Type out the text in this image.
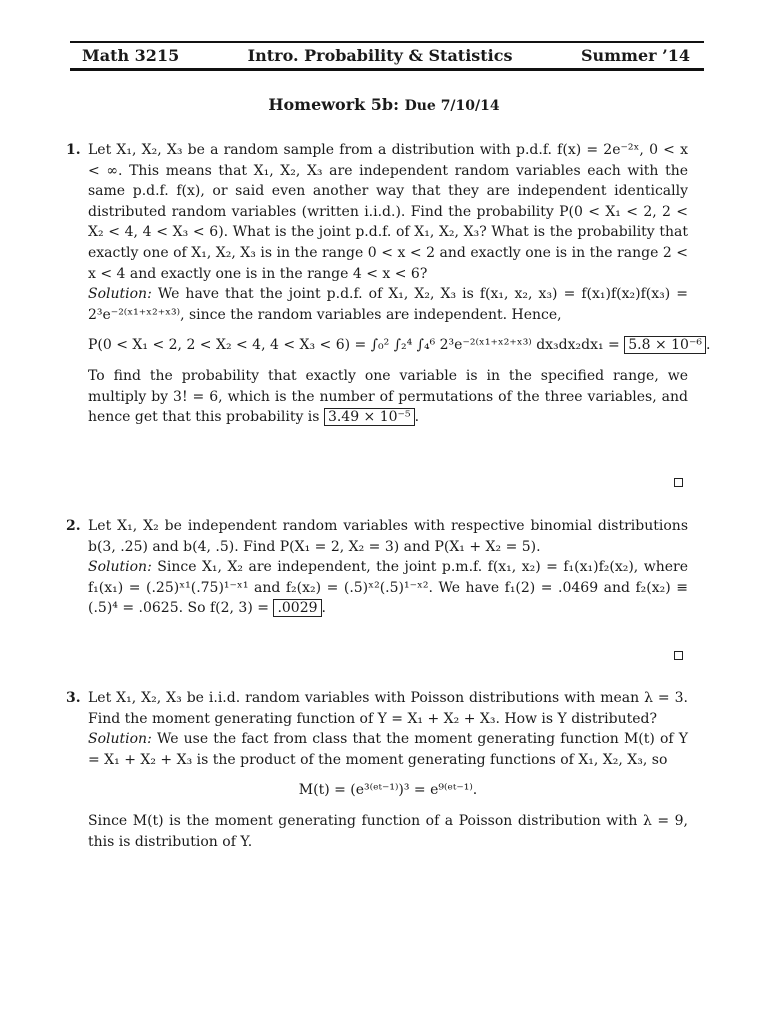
Math 3215	Intro. Probability & Statistics	Summer ’14
Homework 5b: Due 7/10/14
1. Let X₁, X₂, X₃ be a random sample from a distribution with p.d.f. f(x) = 2e⁻²ˣ, 0 < x < ∞. This means that X₁, X₂, X₃ are independent random variables each with the same p.d.f. f(x), or said even another way that they are independent identically distributed random variables (written i.i.d.). Find the probability P(0 < X₁ < 2, 2 < X₂ < 4, 4 < X₃ < 6). What is the joint p.d.f. of X₁, X₂, X₃? What is the probability that exactly one of X₁, X₂, X₃ is in the range 0 < x < 2 and exactly one is in the range 2 < x < 4 and exactly one is in the range 4 < x < 6?

Solution: We have that the joint p.d.f. of X₁, X₂, X₃ is f(x₁, x₂, x₃) = f(x₁)f(x₂)f(x₃) = 2³e⁻²⁽ˣ¹⁺ˣ²⁺ˣ³⁾, since the random variables are independent. Hence,

P(0 < X₁ < 2, 2 < X₂ < 4, 4 < X₃ < 6) = ∫₀² ∫₂⁴ ∫₄⁶ 2³e⁻²⁽ˣ¹⁺ˣ²⁺ˣ³⁾ dx₃dx₂dx₁ = 5.8 × 10⁻⁶ .

To find the probability that exactly one variable is in the specified range, we multiply by 3! = 6, which is the number of permutations of the three variables, and hence get that this probability is 3.49 × 10⁻⁵ .

2. Let X₁, X₂ be independent random variables with respective binomial distributions b(3, .25) and b(4, .5). Find P(X₁ = 2, X₂ = 3) and P(X₁ + X₂ = 5).

Solution: Since X₁, X₂ are independent, the joint p.m.f. f(x₁, x₂) = f₁(x₁)f₂(x₂), where f₁(x₁) = (.25)ˣ¹(.75)¹⁻ˣ¹ and f₂(x₂) = (.5)ˣ²(.5)¹⁻ˣ². We have f₁(2) = .0469 and f₂(x₂) ≡ (.5)⁴ = .0625. So f(2, 3) = .0029 .

3. Let X₁, X₂, X₃ be i.i.d. random variables with Poisson distributions with mean λ = 3. Find the moment generating function of Y = X₁ + X₂ + X₃. How is Y distributed?

Solution: We use the fact from class that the moment generating function M(t) of Y = X₁ + X₂ + X₃ is the product of the moment generating functions of X₁, X₂, X₃, so

M(t) = (e³⁽ᵉᵗ⁻¹⁾)³ = e⁹⁽ᵉᵗ⁻¹⁾.

Since M(t) is the moment generating function of a Poisson distribution with λ = 9, this is distribution of Y.
